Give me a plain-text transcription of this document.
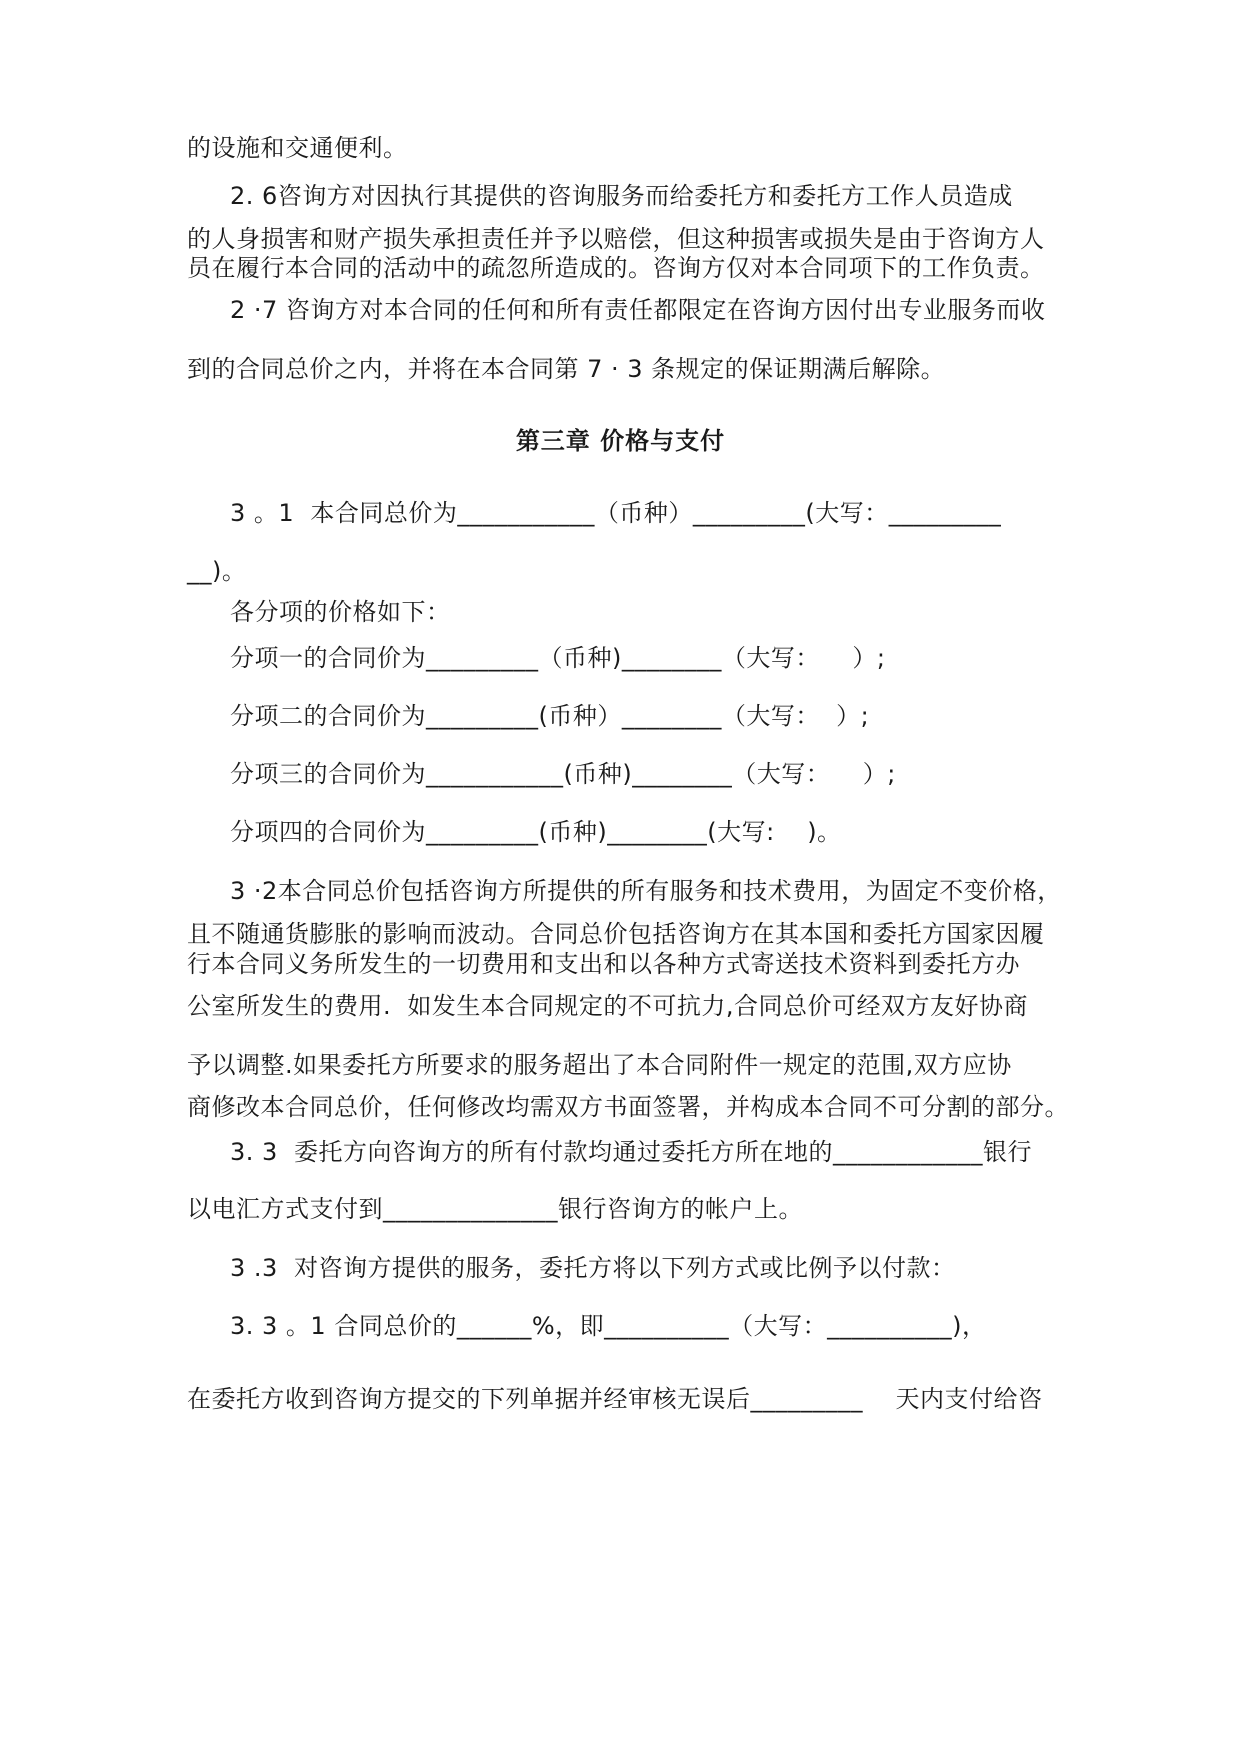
的设施和交通便利。
2. 6咨询方对因执行其提供的咨询服务而给委托方和委托方工作人员造成
的人身损害和财产损失承担责任并予以赔偿，但这种损害或损失是由于咨询方人
员在履行本合同的活动中的疏忽所造成的。咨询方仅对本合同项下的工作负责。
2 ·7 咨询方对本合同的任何和所有责任都限定在咨询方因付出专业服务而收
到的合同总价之内，并将在本合同第 7 · 3 条规定的保证期满后解除。
第三章 价格与支付
3 。1  本合同总价为___________（币种）_________(大写：_________
__)。
各分项的价格如下：
分项一的合同价为_________（币种)________（大写：    ）;
分项二的合同价为_________(币种）________（大写：  ）;
分项三的合同价为___________(币种)________（大写：    ）;
分项四的合同价为_________(币种)________(大写:    )。
3 ·2本合同总价包括咨询方所提供的所有服务和技术费用，为固定不变价格，
且不随通货膨胀的影响而波动。合同总价包括咨询方在其本国和委托方国家因履
行本合同义务所发生的一切费用和支出和以各种方式寄送技术资料到委托方办
公室所发生的费用.  如发生本合同规定的不可抗力,合同总价可经双方友好协商
予以调整.如果委托方所要求的服务超出了本合同附件一规定的范围,双方应协
商修改本合同总价，任何修改均需双方书面签署，并构成本合同不可分割的部分。
3. 3  委托方向咨询方的所有付款均通过委托方所在地的____________银行
以电汇方式支付到______________银行咨询方的帐户上。
3 .3  对咨询方提供的服务，委托方将以下列方式或比例予以付款：
3. 3 。1 合同总价的______%，即__________（大写：__________)，
在委托方收到咨询方提交的下列单据并经审核无误后_________    天内支付给咨
